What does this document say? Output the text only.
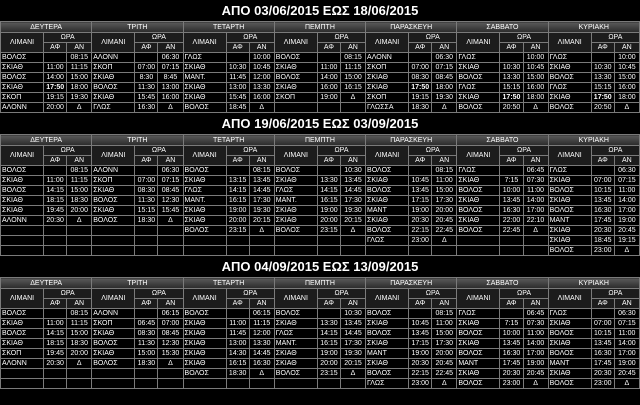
ΑΠΟ 03/06/2015 ΕΩΣ 18/06/2015
ΔΕΥΤΕΡΑ			ΤΡΙΤΗ			ΤΕΤΑΡΤΗ			ΠΕΜΠΤΗ			ΠΑΡΑΣΚΕΥΗ			ΣΑΒΒΑΤΟ			ΚΥΡΙΑΚΗ		
ΛΙΜΑΝΙ	ΩΡΑ		ΛΙΜΑΝΙ	ΩΡΑ		ΛΙΜΑΝΙ	ΩΡΑ		ΛΙΜΑΝΙ	ΩΡΑ		ΛΙΜΑΝΙ	ΩΡΑ		ΛΙΜΑΝΙ	ΩΡΑ		ΛΙΜΑΝΙ	ΩΡΑ	
	ΑΦ	ΑΝ		ΑΦ	ΑΝ		ΑΦ	ΑΝ		ΑΦ	ΑΝ		ΑΦ	ΑΝ		ΑΦ	ΑΝ		ΑΦ	ΑΝ
ΒΟΛΟΣ		08:15	ΑΛΟΝΝ		06:30	ΓΛΩΣ		10:00	ΒΟΛΟΣ		08:15	ΑΛΟΝΝ		06:30	ΓΛΩΣ		10:00	ΓΛΩΣ		10:00
ΣΚΙΑΘ	11:00	11:15	ΣΚΟΠ	07:00	07:15	ΣΚΙΑΘ	10:30	10:45	ΣΚΙΑΘ	11:00	11:15	ΣΚΟΠ	07:00	07:15	ΣΚΙΑΘ	10:30	10:45	ΣΚΙΑΘ	10:30	10:45
ΒΟΛΟΣ	14:00	15:00	ΣΚΙΑΘ	8:30	8:45	ΜΑΝΤ.	11:45	12:00	ΒΟΛΟΣ	14:00	15:00	ΣΚΙΑΘ	08:30	08:45	ΒΟΛΟΣ	13:30	15:00	ΒΟΛΟΣ	13:30	15:00
ΣΚΙΑΘ	17:50	18:00	ΒΟΛΟΣ	11:30	13:00	ΣΚΙΑΘ	13:00	13:30	ΣΚΙΑΘ	16:00	16:15	ΣΚΙΑΘ	17:50	18:00	ΓΛΩΣ	15:15	16:00	ΓΛΩΣ	15:15	16:00
ΣΚΟΠ	19:15	19:30	ΣΚΙΑΘ	15:45	16:00	ΣΚΙΑΘ	15:45	16:00	ΣΚΟΠ	19:00	Δ	ΣΚΟΠ	19:15	19:30	ΣΚΙΑΘ	17:50	18:00	ΣΚΙΑΘ	17:50	18:00
ΑΛΟΝΝ	20:00	Δ	ΓΛΩΣ	16:30	Δ	ΒΟΛΟΣ	18:45	Δ				ΓΛΩΣΣΑ	18:30	Δ	ΒΟΛΟΣ	20:50	Δ	ΒΟΛΟΣ	20:50	Δ
ΑΠΟ 19/06/2015 ΕΩΣ 03/09/2015
ΔΕΥΤΕΡΑ			ΤΡΙΤΗ			ΤΕΤΑΡΤΗ			ΠΕΜΠΤΗ			ΠΑΡΑΣΚΕΥΗ			ΣΑΒΒΑΤΟ			ΚΥΡΙΑΚΗ		
ΛΙΜΑΝΙ	ΩΡΑ		ΛΙΜΑΝΙ	ΩΡΑ		ΛΙΜΑΝΙ	ΩΡΑ		ΛΙΜΑΝΙ	ΩΡΑ		ΛΙΜΑΝΙ	ΩΡΑ		ΛΙΜΑΝΙ	ΩΡΑ		ΛΙΜΑΝΙ	ΩΡΑ	
	ΑΦ	ΑΝ		ΑΦ	ΑΝ		ΑΦ	ΑΝ		ΑΦ	ΑΝ		ΑΦ	ΑΝ		ΑΦ	ΑΝ		ΑΦ	ΑΝ
ΒΟΛΟΣ		08:15	ΑΛΟΝΝ		06:30	ΒΟΛΟΣ		08:15	ΒΟΛΟΣ		10:30	ΒΟΛΟΣ		08:15	ΓΛΩΣ		06:45	ΓΛΩΣ		06:30
ΣΚΙΑΘ	11:00	11:15	ΣΚΟΠ	07:00	07:15	ΣΚΙΑΘ	13:15	13:45	ΣΚΙΑΘ	13:30	13:45	ΣΚΙΑΘ	10:45	11:00	ΣΚΙΑΘ	7:15	07:30	ΣΚΙΑΘ	07:00	07:15
ΒΟΛΟΣ	14:15	15:00	ΣΚΙΑΘ	08:30	08:45	ΓΛΩΣ	14:15	14:45	ΓΛΩΣ	14:15	14:45	ΒΟΛΟΣ	13:45	15:00	ΒΟΛΟΣ	10:00	11:00	ΒΟΛΟΣ	10:15	11:00
ΣΚΙΑΘ	18:15	18:30	ΒΟΛΟΣ	11:30	12:30	ΜΑΝΤ.	16:15	17:30	ΜΑΝΤ.	16:15	17:30	ΣΚΙΑΘ	17:15	17:30	ΣΚΙΑΘ	13:45	14:00	ΣΚΙΑΘ	13:45	14:00
ΣΚΙΑΘ	19:45	20:00	ΣΚΙΑΘ	15:15	15:45	ΣΚΙΑΘ	19:00	19:30	ΣΚΙΑΘ	19:00	19:30	ΜΑΝΤ	19:00	20:00	ΒΟΛΟΣ	16:30	17:00	ΒΟΛΟΣ	16:30	17:00
ΑΛΟΝΝ	20:30	Δ	ΒΟΛΟΣ	18:30	Δ	ΣΚΙΑΘ	20:00	20:15	ΣΚΙΑΘ	20:00	20:15	ΣΚΙΑΘ	20:30	20:45	ΣΚΙΑΘ	22:00	22:10	ΜΑΝΤ	17:45	19:00
						ΒΟΛΟΣ	23:15	Δ	ΒΟΛΟΣ	23:15	Δ	ΒΟΛΟΣ	22:15	22:45	ΒΟΛΟΣ	22:45	Δ	ΣΚΙΑΘ	20:30	20:45
												ΓΛΩΣ	23:00	Δ				ΣΚΙΑΘ	18:45	19:15
																		ΒΟΛΟΣ	23:00	Δ
ΑΠΟ 04/09/2015 ΕΩΣ 13/09/2015
ΔΕΥΤΕΡΑ			ΤΡΙΤΗ			ΤΕΤΑΡΤΗ			ΠΕΜΠΤΗ			ΠΑΡΑΣΚΕΥΗ			ΣΑΒΒΑΤΟ			ΚΥΡΙΑΚΗ		
ΛΙΜΑΝΙ	ΩΡΑ		ΛΙΜΑΝΙ	ΩΡΑ		ΛΙΜΑΝΙ	ΩΡΑ		ΛΙΜΑΝΙ	ΩΡΑ		ΛΙΜΑΝΙ	ΩΡΑ		ΛΙΜΑΝΙ	ΩΡΑ		ΛΙΜΑΝΙ	ΩΡΑ	
	ΑΦ	ΑΝ		ΑΦ	ΑΝ		ΑΦ	ΑΝ		ΑΦ	ΑΝ		ΑΦ	ΑΝ		ΑΦ	ΑΝ		ΑΦ	ΑΝ
ΒΟΛΟΣ		08:15	ΑΛΟΝΝ		06:15	ΒΟΛΟΣ		06:15	ΒΟΛΟΣ		10:30	ΒΟΛΟΣ		08:15	ΓΛΩΣ		06:45	ΓΛΩΣ		06:30
ΣΚΙΑΘ	11:00	11:15	ΣΚΟΠ	06:45	07:00	ΣΚΙΑΘ	11:00	11:15	ΣΚΙΑΘ	13:30	13:45	ΣΚΙΑΘ	10:45	11:00	ΣΚΙΑΘ	7:15	07:30	ΣΚΙΑΘ	07:00	07:15
ΒΟΛΟΣ	14:15	15:00	ΣΚΙΑΘ	08:30	08:45	ΣΚΙΑΘ	11:45	12:00	ΓΛΩΣ	14:15	14:45	ΒΟΛΟΣ	13:45	15:00	ΒΟΛΟΣ	10:00	11:00	ΒΟΛΟΣ	10:15	11:00
ΣΚΙΑΘ	18:15	18:30	ΒΟΛΟΣ	11:30	12:30	ΣΚΙΑΘ	13:00	13:30	ΜΑΝΤ.	16:15	17:30	ΣΚΙΑΘ	17:15	17:30	ΣΚΙΑΘ	13:45	14:00	ΣΚΙΑΘ	13:45	14:00
ΣΚΟΠ	19:45	20:00	ΣΚΙΑΘ	15:00	15:30	ΣΚΙΑΘ	14:30	14:45	ΣΚΙΑΘ	19:00	19:30	ΜΑΝΤ	19:00	20:00	ΒΟΛΟΣ	16:30	17:00	ΒΟΛΟΣ	16:30	17:00
ΑΛΟΝΝ	20:30	Δ	ΒΟΛΟΣ	18:30	Δ	ΣΚΙΑΘ	16:15	16:30	ΣΚΙΑΘ	20:00	20:15	ΣΚΙΑΘ	20:30	20:45	ΜΑΝΤ	17:45	19:00	ΜΑΝΤ	17:45	19:00
						ΒΟΛΟΣ	18:30	Δ	ΒΟΛΟΣ	23:15	Δ	ΒΟΛΟΣ	22:15	22:45	ΣΚΙΑΘ	20:30	20:45	ΣΚΙΑΘ	20:30	20:45
												ΓΛΩΣ	23:00	Δ	ΒΟΛΟΣ	23:00	Δ	ΒΟΛΟΣ	23:00	Δ
